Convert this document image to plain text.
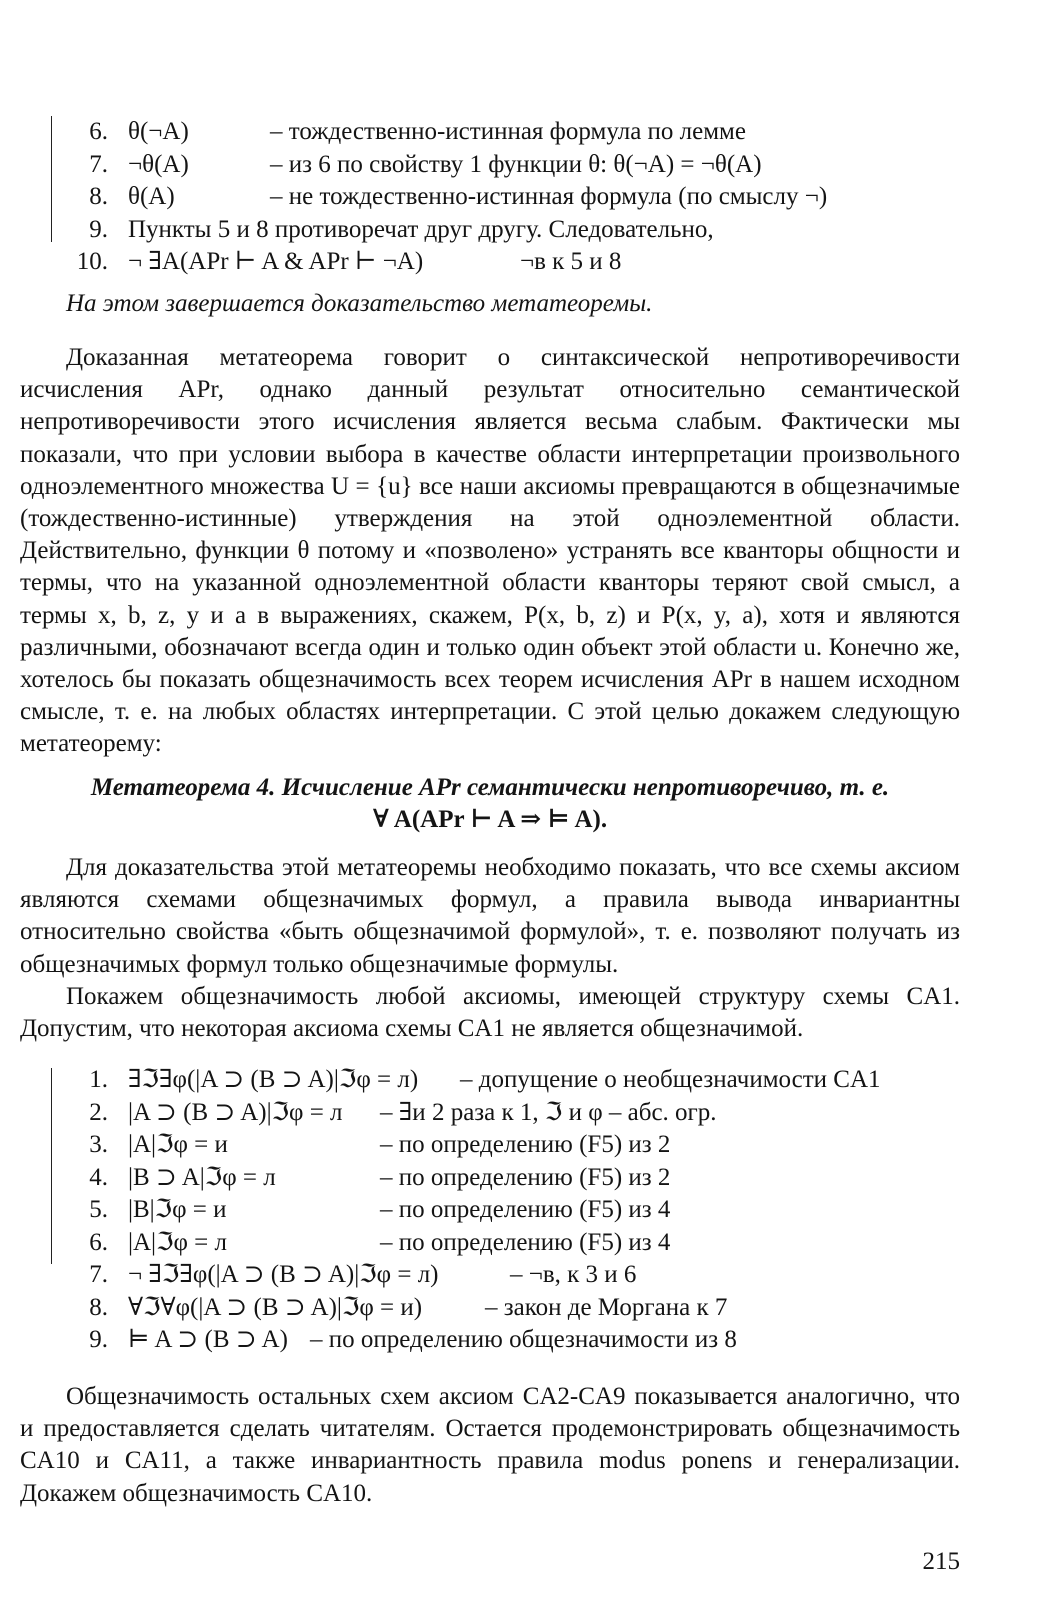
6. θ(¬A)	– тождественно-истинная формула по лемме
7. ¬θ(A)	– из 6 по свойству 1 функции θ: θ(¬A) = ¬θ(A)
8. θ(A)	– не тождественно-истинная формула (по смыслу ¬)
9. Пункты 5 и 8 противоречат друг другу. Следовательно,
10. ¬ ∃A(APr ⊢ A & APr ⊢ ¬A)	¬в к 5 и 8

На этом завершается доказательство метатеоремы.

Доказанная метатеорема говорит о синтаксической непротиворечивости исчисления APr, однако данный результат относительно семантической непротиворечивости этого исчисления является весьма слабым. Фактически мы показали, что при условии выбора в качестве области интерпретации произвольного одноэлементного множества U = {u} все наши аксиомы превращаются в общезначимые (тождественно-истинные) утверждения на этой одноэлементной области. Действительно, функции θ потому и «позволено» устранять все кванторы общности и термы, что на указанной одноэлементной области кванторы теряют свой смысл, а термы x, b, z, y и a в выражениях, скажем, P(x, b, z) и P(x, y, a), хотя и являются различными, обозначают всегда один и только один объект этой области u. Конечно же, хотелось бы показать общезначимость всех теорем исчисления APr в нашем исходном смысле, т. е. на любых областях интерпретации. С этой целью докажем следующую метатеорему:

Метатеорема 4. Исчисление APr семантически непротиворечиво, т. е.

∀ A(APr ⊢ A ⇒ ⊨ A).

Для доказательства этой метатеоремы необходимо показать, что все схемы аксиом являются схемами общезначимых формул, а правила вывода инвариантны относительно свойства «быть общезначимой формулой», т. е. позволяют получать из общезначимых формул только общезначимые формулы.

Покажем общезначимость любой аксиомы, имеющей структуру схемы CA1. Допустим, что некоторая аксиома схемы CA1 не является общезначимой.

1. ∃ℑ∃φ(|A ⊃ (B ⊃ A)|ℑφ = л) – допущение о необщезначимости CA1
2. |A ⊃ (B ⊃ A)|ℑφ = л – ∃и 2 раза к 1, ℑ и φ – абс. огр.
3. |A|ℑφ = и	– по определению (F5) из 2
4. |B ⊃ A|ℑφ = л	– по определению (F5) из 2
5. |B|ℑφ = и	– по определению (F5) из 4
6. |A|ℑφ = л	– по определению (F5) из 4
7. ¬ ∃ℑ∃φ(|A ⊃ (B ⊃ A)|ℑφ = л)	– ¬в, к 3 и 6
8. ∀ℑ∀φ(|A ⊃ (B ⊃ A)|ℑφ = и)	– закон де Моргана к 7
9. ⊨ A ⊃ (B ⊃ A) – по определению общезначимости из 8

Общезначимость остальных схем аксиом CA2-CA9 показывается аналогично, что и предоставляется сделать читателям. Остается продемонстрировать общезначимость CA10 и CA11, а также инвариантность правила modus ponens и генерализации. Докажем общезначимость CA10.

215
